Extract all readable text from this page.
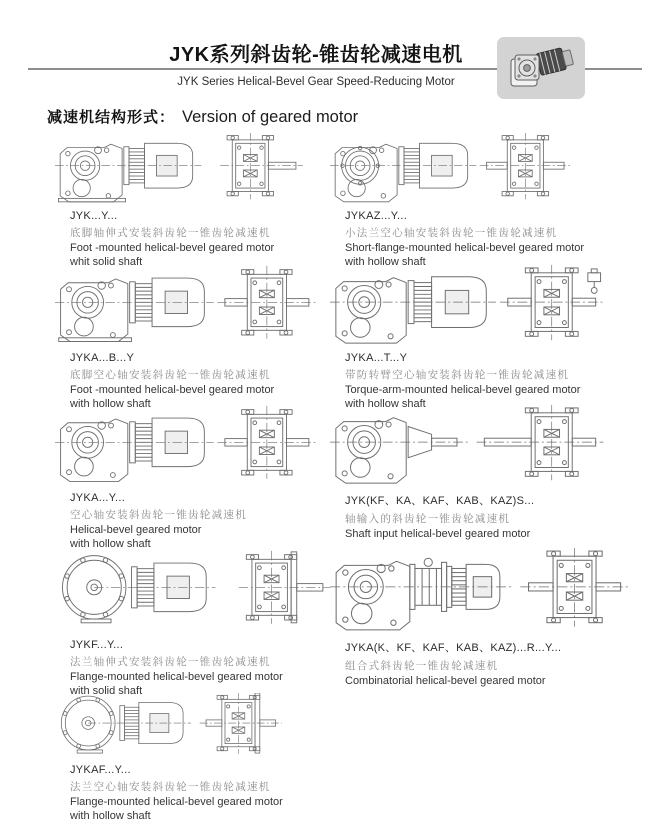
JYK系列斜齿轮-锥齿轮减速电机
JYK Series Helical-Bevel Gear Speed-Reducing Motor
减速机结构形式： Version of geared motor
JYK...Y...
底脚轴伸式安装斜齿轮一锥齿轮减速机
Foot -mounted helical-bevel geared motor
whit solid shaft
JYKAZ...Y...
小法兰空心轴安装斜齿轮一锥齿轮减速机
Short-flange-mounted helical-bevel geared motor
with hollow shaft
JYKA...B...Y
底脚空心轴安装斜齿轮一锥齿轮减速机
Foot -mounted helical-bevel geared motor
with hollow shaft
JYKA...T...Y
带防转臂空心轴安装斜齿轮一锥齿轮减速机
Torque-arm-mounted helical-bevel geared motor
with hollow shaft
JYKA...Y...
空心轴安装斜齿轮一锥齿轮减速机
Helical-bevel geared motor
with hollow shaft
JYK(KF、KA、KAF、KAB、KAZ)S...
轴输入的斜齿轮一锥齿轮减速机
Shaft input helical-bevel geared motor
JYKF...Y...
法兰轴伸式安装斜齿轮一锥齿轮减速机
Flange-mounted helical-bevel geared motor
with solid shaft
JYKA(K、KF、KAF、KAB、KAZ)...R...Y...
组合式斜齿轮一锥齿轮减速机
Combinatorial helical-bevel geared motor
JYKAF...Y...
法兰空心轴安装斜齿轮一锥齿轮减速机
Flange-mounted helical-bevel geared motor
with hollow shaft
